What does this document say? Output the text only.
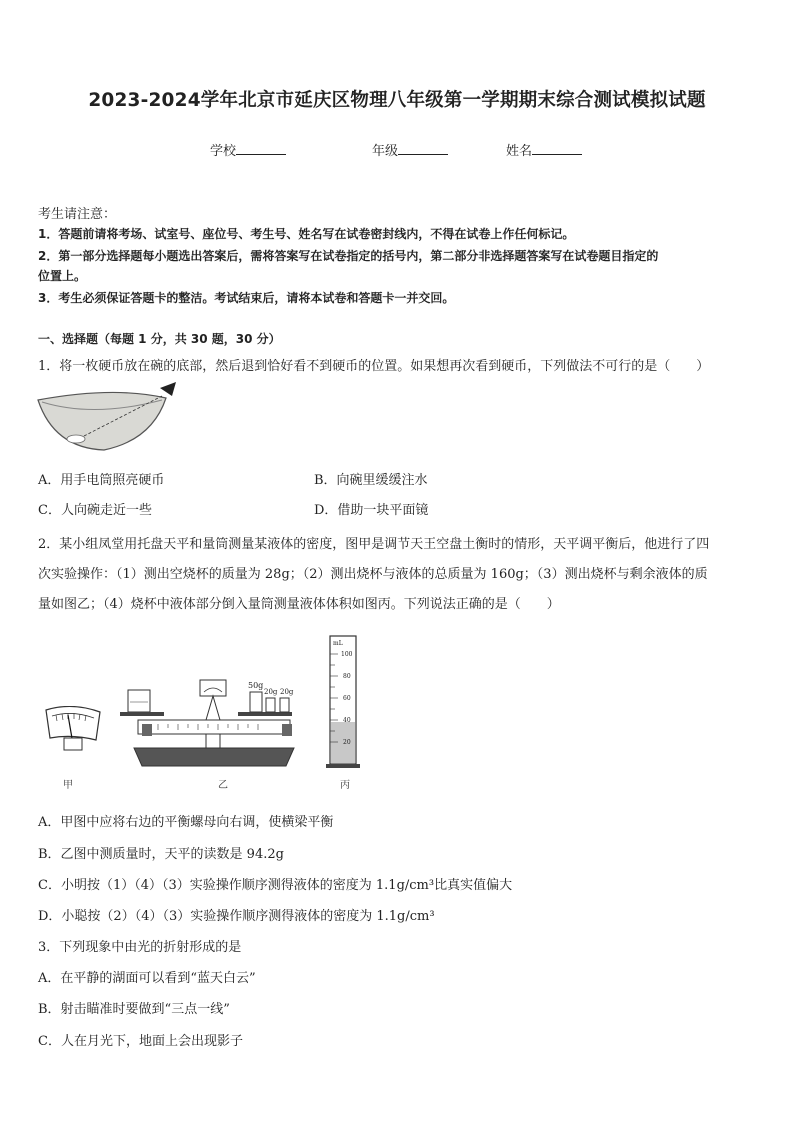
2023-2024学年北京市延庆区物理八年级第一学期期末综合测试模拟试题
学校	年级	姓名
考生请注意：
1．答题前请将考场、试室号、座位号、考生号、姓名写在试卷密封线内，不得在试卷上作任何标记。
2．第一部分选择题每小题选出答案后，需将答案写在试卷指定的括号内，第二部分非选择题答案写在试卷题目指定的
位置上。
3．考生必须保证答题卡的整洁。考试结束后，请将本试卷和答题卡一并交回。
一、选择题（每题 1 分，共 30 题，30 分）
1．将一枚硬币放在碗的底部，然后退到恰好看不到硬币的位置。如果想再次看到硬币，下列做法不可行的是（　　）
A．用手电筒照亮硬币	B．向碗里缓缓注水
C．人向碗走近一些	D．借助一块平面镜
2．某小组凤堂用托盘天平和量筒测量某液体的密度，图甲是调节天王空盘土衡时的情形，天平调平衡后，他进行了四
次实验操作：（1）测出空烧杯的质量为 28g；（2）测出烧杯与液体的总质量为 160g；（3）测出烧杯与剩余液体的质
量如图乙；（4）烧杯中液体部分倒入量筒测量液体体积如图丙。下列说法正确的是（　　）
甲
50g
20g 20g
乙
mL
100
80
60
40
20
丙
A．甲图中应将右边的平衡螺母向右调，使横梁平衡
B．乙图中测质量时，天平的读数是 94.2g
C．小明按（1）（4）（3）实验操作顺序测得液体的密度为 1.1g/cm³比真实值偏大
D．小聪按（2）（4）（3）实验操作顺序测得液体的密度为 1.1g/cm³
3．下列现象中由光的折射形成的是
A．在平静的湖面可以看到“蓝天白云”
B．射击瞄准时要做到“三点一线”
C．人在月光下，地面上会出现影子
